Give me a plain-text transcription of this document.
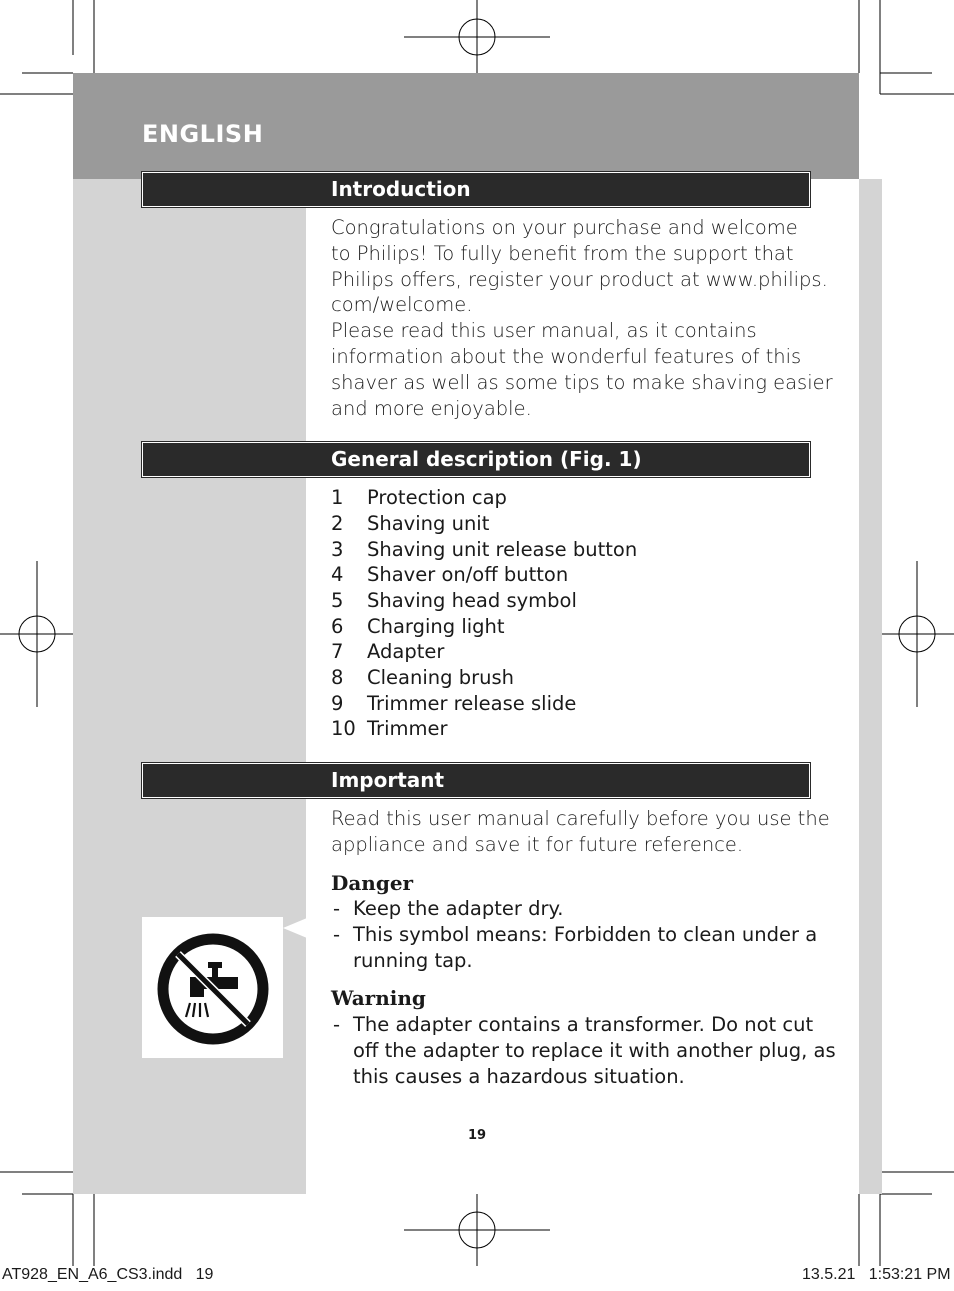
ENGLISH
Introduction
Congratulations on your purchase and welcome
to Philips! To fully benefit from the support that
Philips offers, register your product at www.philips.
com/welcome.
Please read this user manual, as it contains
information about the wonderful features of this
shaver as well as some tips to make shaving easier
and more enjoyable.
General description (Fig. 1)
1	Protection cap
2	Shaving unit
3	Shaving unit release button
4	Shaver on/off button
5	Shaving head symbol
6	Charging light
7	Adapter
8	Cleaning brush
9	Trimmer release slide
10 Trimmer
Important
Read this user manual carefully before you use the
appliance and save it for future reference.
Danger
- Keep the adapter dry.
- This symbol means: Forbidden to clean under a
running tap.
Warning
- The adapter contains a transformer. Do not cut
off the adapter to replace it with another plug, as
this causes a hazardous situation.
19
AT928_EN_A6_CS3.indd   19	13.5.21   1:53:21 PM
